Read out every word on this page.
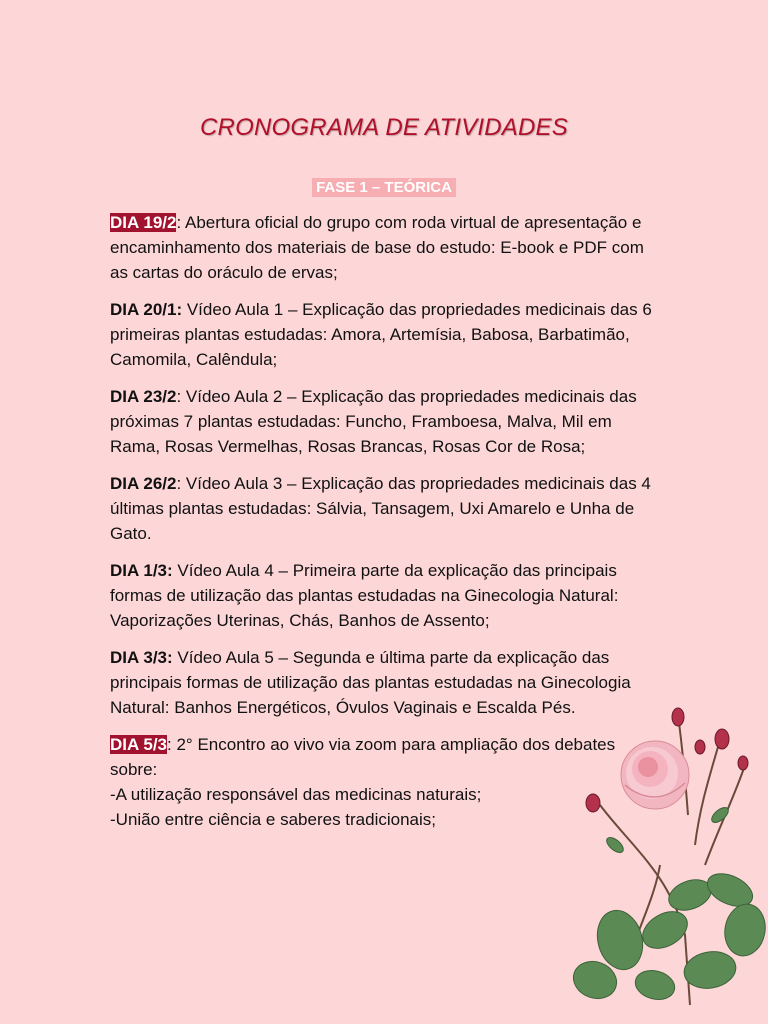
CRONOGRAMA DE ATIVIDADES
FASE 1 – TEÓRICA

DIA 19/2: Abertura oficial do grupo com roda virtual de apresentação e encaminhamento dos materiais de base do estudo: E-book e PDF com as cartas do oráculo de ervas;

DIA 20/1: Vídeo Aula 1 – Explicação das propriedades medicinais das 6 primeiras plantas estudadas: Amora, Artemísia, Babosa, Barbatimão, Camomila, Calêndula;

DIA 23/2: Vídeo Aula 2 – Explicação das propriedades medicinais das próximas 7 plantas estudadas: Funcho, Framboesa, Malva, Mil em Rama, Rosas Vermelhas, Rosas Brancas, Rosas Cor de Rosa;

DIA 26/2: Vídeo Aula 3 – Explicação das propriedades medicinais das 4 últimas plantas estudadas: Sálvia, Tansagem, Uxi Amarelo e Unha de Gato.

DIA 1/3: Vídeo Aula 4 – Primeira parte da explicação das principais formas de utilização das plantas estudadas na Ginecologia Natural: Vaporizações Uterinas, Chás, Banhos de Assento;

DIA 3/3: Vídeo Aula 5 – Segunda e última parte da explicação das principais formas de utilização das plantas estudadas na Ginecologia Natural: Banhos Energéticos, Óvulos Vaginais e Escalda Pés.

DIA 5/3: 2° Encontro ao vivo via zoom para ampliação dos debates sobre:
-A utilização responsável das medicinas naturais;
-União entre ciência e saberes tradicionais;
